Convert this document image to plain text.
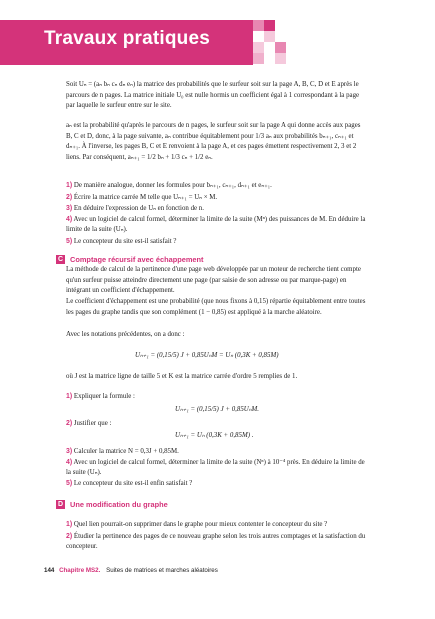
Travaux pratiques

Soit Uₙ = (aₙ bₙ cₙ dₙ eₙ) la matrice des probabilités que le surfeur soit sur la page A, B, C, D et E après le parcours de n pages. La matrice initiale U₀ est nulle hormis un coefficient égal à 1 correspondant à la page par laquelle le surfeur entre sur le site.

aₙ est la probabilité qu'après le parcours de n pages, le surfeur soit sur la page A qui donne accès aux pages B, C et D, donc, à la page suivante, aₙ contribue équitablement pour 1/3 aₙ aux probabilités bₙ₊₁, cₙ₊₁ et dₙ₊₁. À l'inverse, les pages B, C et E renvoient à la page A, et ces pages émettent respectivement 2, 3 et 2 liens. Par conséquent, aₙ₊₁ = 1/2 bₙ + 1/3 cₙ + 1/2 eₙ.

1) De manière analogue, donner les formules pour bₙ₊₁, cₙ₊₁, dₙ₊₁ et eₙ₊₁.
2) Écrire la matrice carrée M telle que Uₙ₊₁ = Uₙ × M.
3) En déduire l'expression de Uₙ en fonction de n.
4) Avec un logiciel de calcul formel, déterminer la limite de la suite (Mⁿ) des puissances de M. En déduire la limite de la suite (Uₙ).
5) Le concepteur du site est-il satisfait ?
C Comptage récursif avec échappement

La méthode de calcul de la pertinence d'une page web développée par un moteur de recherche tient compte qu'un surfeur puisse atteindre directement une page (par saisie de son adresse ou par marque-page) en intégrant un coefficient d'échappement.

Le coefficient d'échappement est une probabilité (que nous fixons à 0,15) répartie équitablement entre toutes les pages du graphe tandis que son complément (1 − 0,85) est appliqué à la marche aléatoire.

Avec les notations précédentes, on a donc :

Uₙ₊₁ = (0,15/5) J + 0,85UₙM = Uₙ (0,3K + 0,85M)

où J est la matrice ligne de taille 5 et K est la matrice carrée d'ordre 5 remplies de 1.

1) Expliquer la formule :
Uₙ₊₁ = (0,15/5) J + 0,85UₙM.
2) Justifier que :
Uₙ₊₁ = Uₙ (0,3K + 0,85M) .
3) Calculer la matrice N = 0,3J + 0,85M.
4) Avec un logiciel de calcul formel, déterminer la limite de la suite (Nⁿ) à 10⁻⁴ près. En déduire la limite de la suite (Uₙ).
5) Le concepteur du site est-il enfin satisfait ?
D Une modification du graphe
1) Quel lien pourrait-on supprimer dans le graphe pour mieux contenter le concepteur du site ?
2) Étudier la pertinence des pages de ce nouveau graphe selon les trois autres comptages et la satisfaction du concepteur.
144 Chapitre MS2. Suites de matrices et marches aléatoires
